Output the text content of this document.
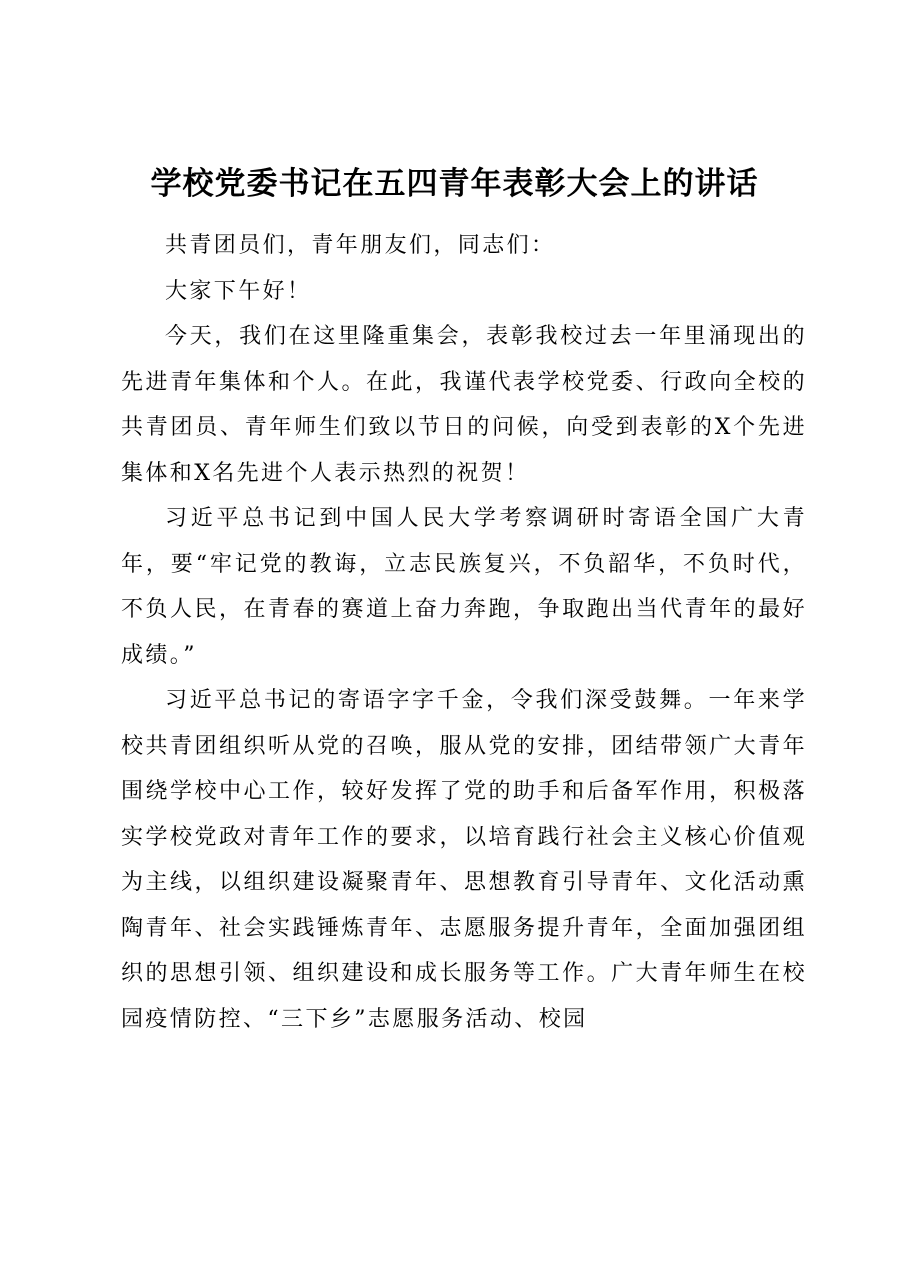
学校党委书记在五四青年表彰大会上的讲话

共青团员们，青年朋友们，同志们：

大家下午好！

今天，我们在这里隆重集会，表彰我校过去一年里涌现出的先进青年集体和个人。在此，我谨代表学校党委、行政向全校的共青团员、青年师生们致以节日的问候，向受到表彰的X个先进集体和X名先进个人表示热烈的祝贺！

习近平总书记到中国人民大学考察调研时寄语全国广大青年，要“牢记党的教诲，立志民族复兴，不负韶华，不负时代，不负人民，在青春的赛道上奋力奔跑，争取跑出当代青年的最好成绩。”

习近平总书记的寄语字字千金，令我们深受鼓舞。一年来学校共青团组织听从党的召唤，服从党的安排，团结带领广大青年围绕学校中心工作，较好发挥了党的助手和后备军作用，积极落实学校党政对青年工作的要求，以培育践行社会主义核心价值观为主线，以组织建设凝聚青年、思想教育引导青年、文化活动熏陶青年、社会实践锤炼青年、志愿服务提升青年，全面加强团组织的思想引领、组织建设和成长服务等工作。广大青年师生在校园疫情防控、“三下乡”志愿服务活动、校园
